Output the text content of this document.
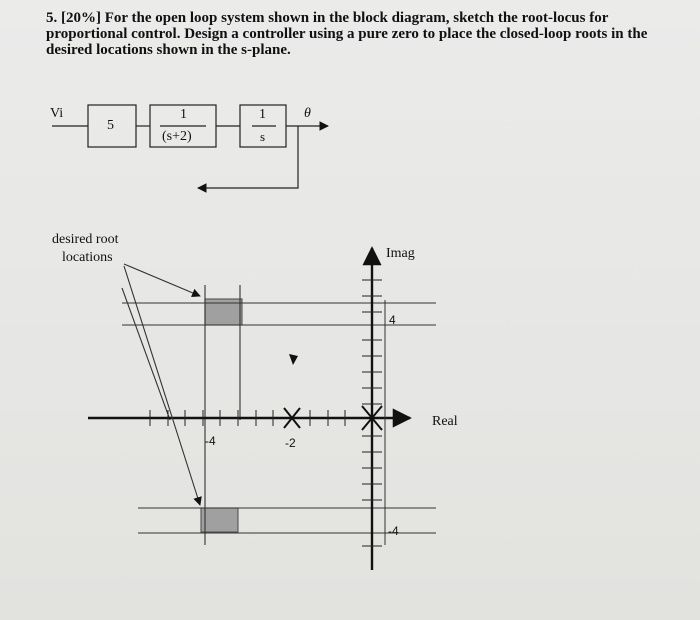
5. [20%] For the open loop system shown in the block diagram, sketch the root-locus for proportional control. Design a controller using a pure zero to place the closed-loop roots in the desired locations shown in the s-plane.
Vi
5
1
(s+2)
1
s
θ
desired root
locations	Imag
Real
-4	-2
4
-4
